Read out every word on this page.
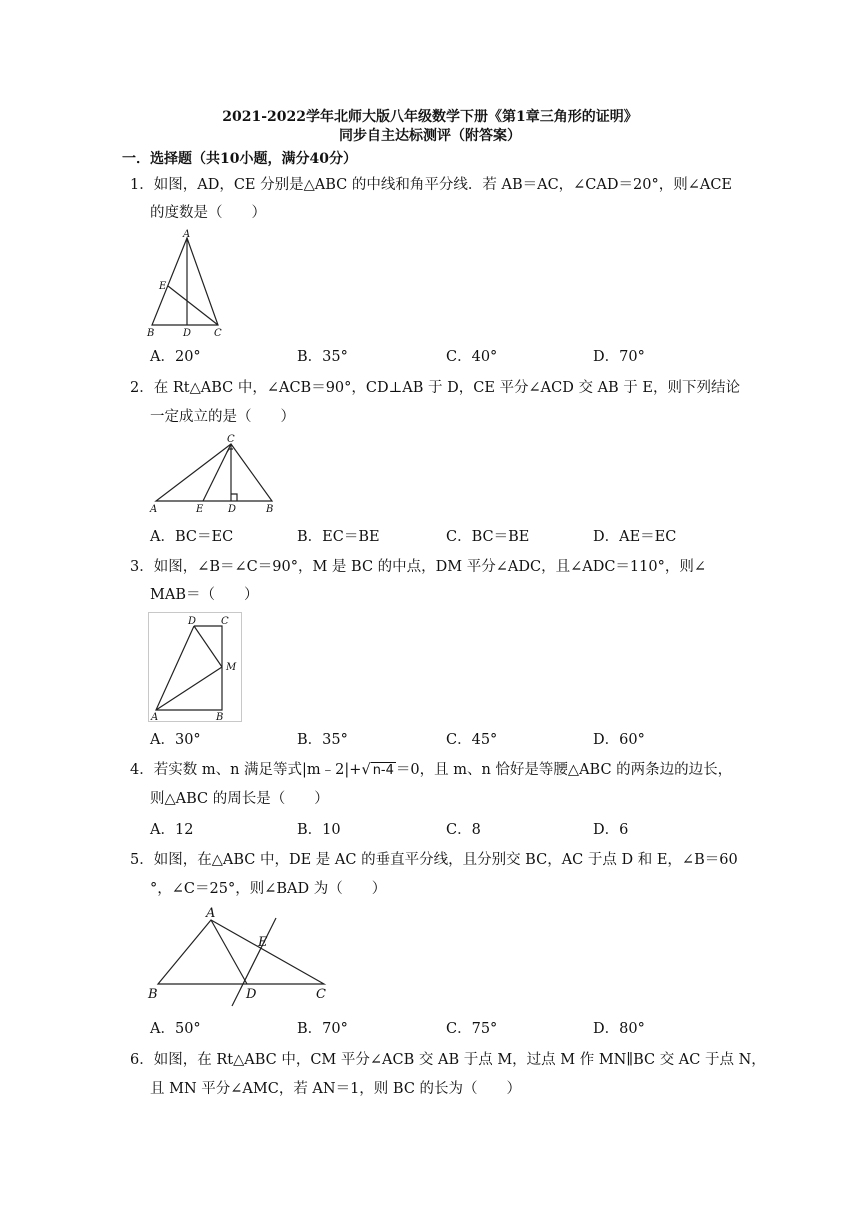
2021-2022学年北师大版八年级数学下册《第1章三角形的证明》
同步自主达标测评（附答案）
一．选择题（共10小题，满分40分）
1．如图，AD，CE 分别是△ABC 的中线和角平分线．若 AB＝AC，∠CAD＝20°，则∠ACE
的度数是（　　）
A
E
B	D C
A．20°	B．35°	C．40°	D．70°
2．在 Rt△ABC 中，∠ACB＝90°，CD⊥AB 于 D，CE 平分∠ACD 交 AB 于 E，则下列结论
一定成立的是（　　）
C
A	E D	B
A．BC＝EC	B．EC＝BE	C．BC＝BE	D．AE＝EC
3．如图，∠B＝∠C＝90°，M 是 BC 的中点，DM 平分∠ADC，且∠ADC＝110°，则∠
MAB＝（　　）
D C
M
A	B
A．30°	B．35°	C．45°	D．60°
4．若实数 m、n 满足等式|m﹣2|+√ n-4 ＝0，且 m、n 恰好是等腰△ABC 的两条边的边长，
则△ABC 的周长是（　　）
A．12	B．10	C．8	D．6
5．如图，在△ABC 中，DE 是 AC 的垂直平分线，且分别交 BC，AC 于点 D 和 E，∠B＝60
°，∠C＝25°，则∠BAD 为（　　）
A
E
B	D	C
A．50°	B．70°	C．75°	D．80°
6．如图，在 Rt△ABC 中，CM 平分∠ACB 交 AB 于点 M，过点 M 作 MN∥BC 交 AC 于点 N，
且 MN 平分∠AMC，若 AN＝1，则 BC 的长为（　　）
